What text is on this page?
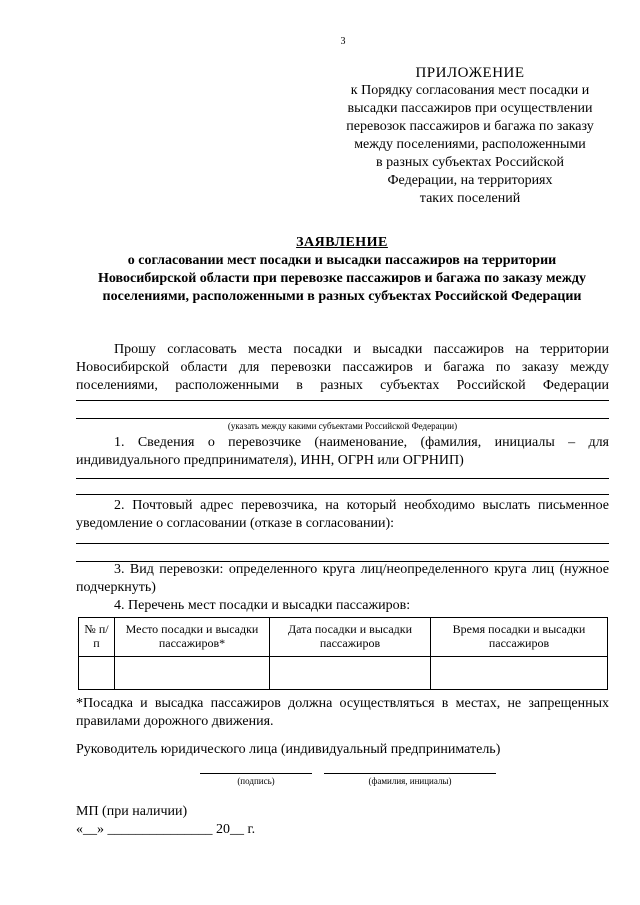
3
ПРИЛОЖЕНИЕ
к Порядку согласования мест посадки и
высадки пассажиров при осуществлении
перевозок пассажиров и багажа по заказу
между поселениями, расположенными
в разных субъектах Российской
Федерации, на территориях
таких поселений
ЗАЯВЛЕНИЕ
о согласовании мест посадки и высадки пассажиров на территории
Новосибирской области при перевозке пассажиров и багажа по заказу между
поселениями, расположенными в разных субъектах Российской Федерации
Прошу согласовать места посадки и высадки пассажиров на территории
Новосибирской области для перевозки пассажиров и багажа по заказу между
поселениями, расположенными в разных субъектах Российской Федерации
(указать между какими субъектами Российской Федерации)
1. Сведения о перевозчике (наименование, (фамилия, инициалы – для
индивидуального предпринимателя), ИНН, ОГРН или ОГРНИП)
2. Почтовый адрес перевозчика, на который необходимо выслать письменное
уведомление о согласовании (отказе в согласовании):
3. Вид перевозки: определенного круга лиц/неопределенного круга лиц (нужное
подчеркнуть)
4. Перечень мест посадки и высадки пассажиров:
№ п/п	Место посадки и высадки пассажиров*	Дата посадки и высадки пассажиров	Время посадки и высадки пассажиров

*Посадка и высадка пассажиров должна осуществляться в местах, не запрещенных правилами дорожного движения.
Руководитель юридического лица (индивидуальный предприниматель)
(подпись)	(фамилия, инициалы)
МП (при наличии)
«__» _______________ 20__ г.
